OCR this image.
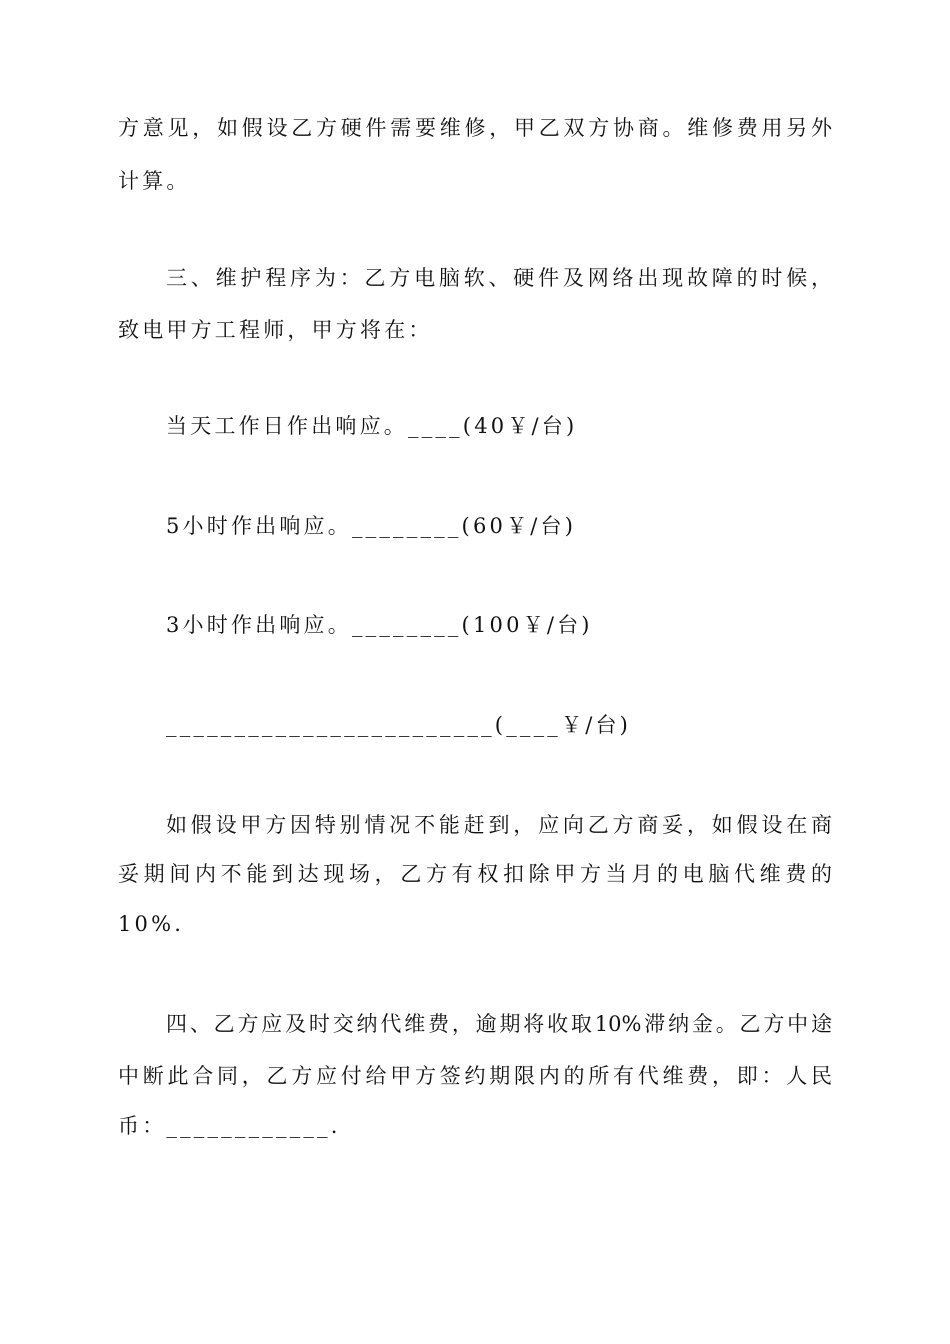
方意见，如假设乙方硬件需要维修，甲乙双方协商。维修费用另外
计算。
三、维护程序为：乙方电脑软、硬件及网络出现故障的时候，
致电甲方工程师，甲方将在：
当天工作日作出响应。____(40￥/台)
5小时作出响应。________(60￥/台)
3小时作出响应。________(100￥/台)
________________________(____￥/台)
如假设甲方因特别情况不能赶到，应向乙方商妥，如假设在商
妥期间内不能到达现场，乙方有权扣除甲方当月的电脑代维费的
10%.
四、乙方应及时交纳代维费，逾期将收取10%滞纳金。乙方中途
中断此合同，乙方应付给甲方签约期限内的所有代维费，即：人民
币：____________.
